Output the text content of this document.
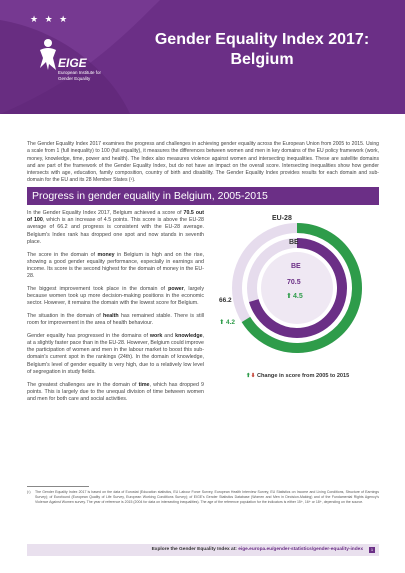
★ ★ ★
EIGE
European Institute for Gender Equality
Gender Equality Index 2017: Belgium
The Gender Equality Index 2017 examines the progress and challenges in achieving gender equality across the European Union from 2005 to 2015. Using a scale from 1 (full inequality) to 100 (full equality), it measures the differences between women and men in key domains of the EU policy framework (work, money, knowledge, time, power and health). The Index also measures violence against women and intersecting inequalities. These are satellite domains and are part of the framework of the Gender Equality Index, but do not have an impact on the overall score. Intersecting inequalities show how gender intersects with age, education, family composition, country of birth and disability. The Gender Equality Index provides results for each domain and sub-domain for the EU and its 28 Member States (¹).
Progress in gender equality in Belgium, 2005-2015

In the Gender Equality Index 2017, Belgium achieved a score of 70.5 out of 100, which is an increase of 4.5 points. This score is above the EU-28 average of 66.2 and progress is consistent with the EU-28 average. Belgium's Index rank has dropped one spot and now stands in seventh place.

The score in the domain of money in Belgium is high and on the rise, showing a good gender equality performance, especially in earnings and income. Its score is the second highest for the domain of money in the EU-28.

The biggest improvement took place in the domain of power, largely because women took up more decision-making positions in the economic sector. However, it remains the domain with the lowest score for Belgium.

The situation in the domain of health has remained stable. There is still room for improvement in the area of health behaviour.

Gender equality has progressed in the domains of work and knowledge, at a slightly faster pace than in the EU-28. However, Belgium could improve the participation of women and men in the labour market to boost this sub-domain's current spot in the rankings (24th). In the domain of knowledge, Belgium's level of gender equality is very high, due to a relatively low level of segregation in study fields.

The greatest challenges are in the domain of time, which has dropped 9 points. This is largely due to the unequal division of time between women and men for both care and social activities.

EU-28
BE
BE
70.5
⬆ 4.5
66.2
⬆ 4.2
⬆⬇ Change in score from 2005 to 2015
(¹)	The Gender Equality Index 2017 is based on the data of Eurostat (Education statistics, EU Labour Force Survey, European Health Interview Survey, EU Statistics on Income and Living Conditions, Structure of Earnings Survey); of Eurofound (European Quality of Life Survey, European Working Conditions Survey); of EIGE's Gender Statistics Database (Women and Men in Decision-Making) and of the Fundamental Rights Agency's Violence Against Women survey. The year of reference is 2015 (2004 for data on intersecting inequalities). The age of the reference population for the indicators is either 15+, 16+ or 18+, depending on the source.
Explore the Gender Equality Index at: eige.europa.eu/gender-statistics/gender-equality-index	1
